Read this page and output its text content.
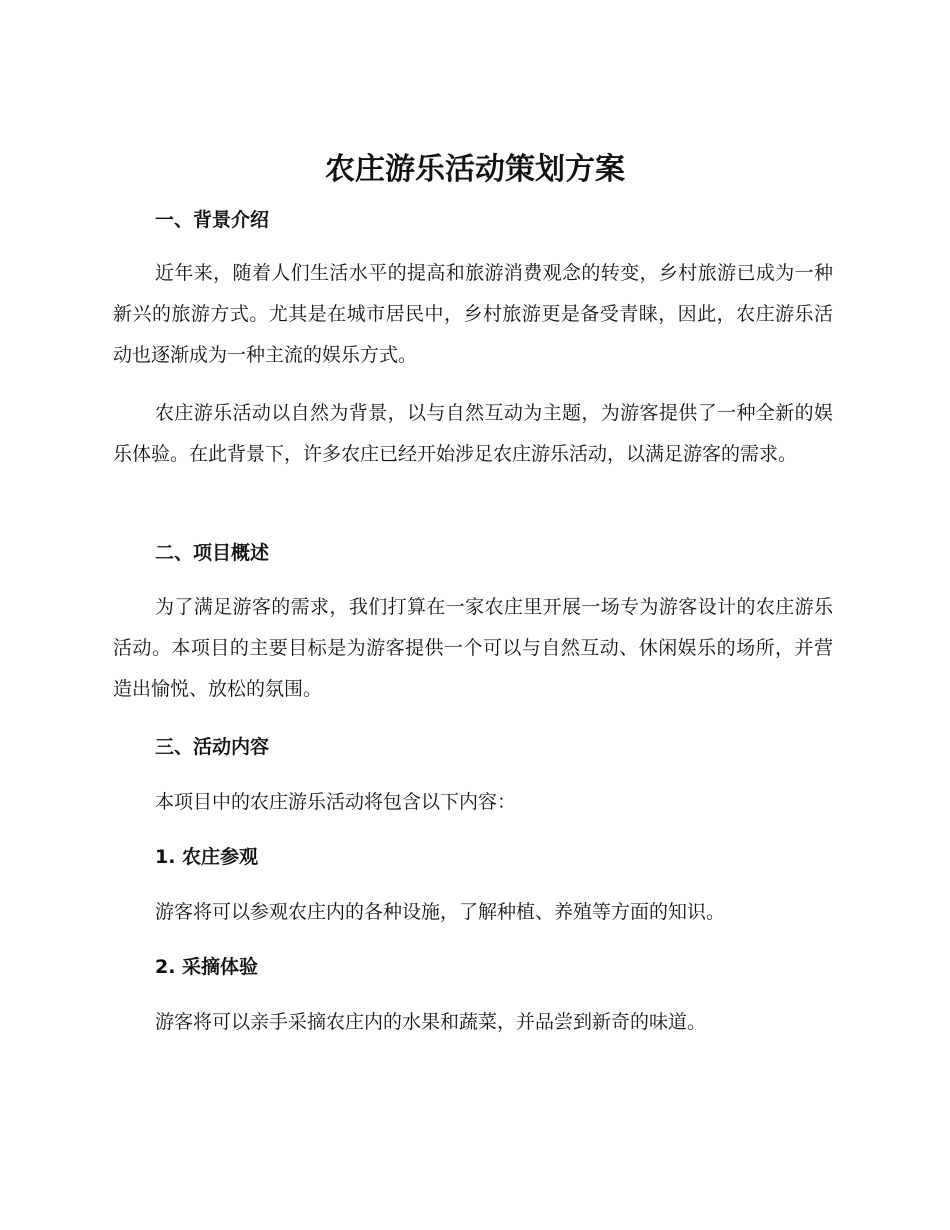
农庄游乐活动策划方案
一、背景介绍

近年来，随着人们生活水平的提高和旅游消费观念的转变，乡村旅游已成为一种新兴的旅游方式。尤其是在城市居民中，乡村旅游更是备受青睐，因此，农庄游乐活动也逐渐成为一种主流的娱乐方式。

农庄游乐活动以自然为背景，以与自然互动为主题，为游客提供了一种全新的娱乐体验。在此背景下，许多农庄已经开始涉足农庄游乐活动，以满足游客的需求。

二、项目概述

为了满足游客的需求，我们打算在一家农庄里开展一场专为游客设计的农庄游乐活动。本项目的主要目标是为游客提供一个可以与自然互动、休闲娱乐的场所，并营造出愉悦、放松的氛围。

三、活动内容

本项目中的农庄游乐活动将包含以下内容：

1. 农庄参观

游客将可以参观农庄内的各种设施，了解种植、养殖等方面的知识。

2. 采摘体验

游客将可以亲手采摘农庄内的水果和蔬菜，并品尝到新奇的味道。
